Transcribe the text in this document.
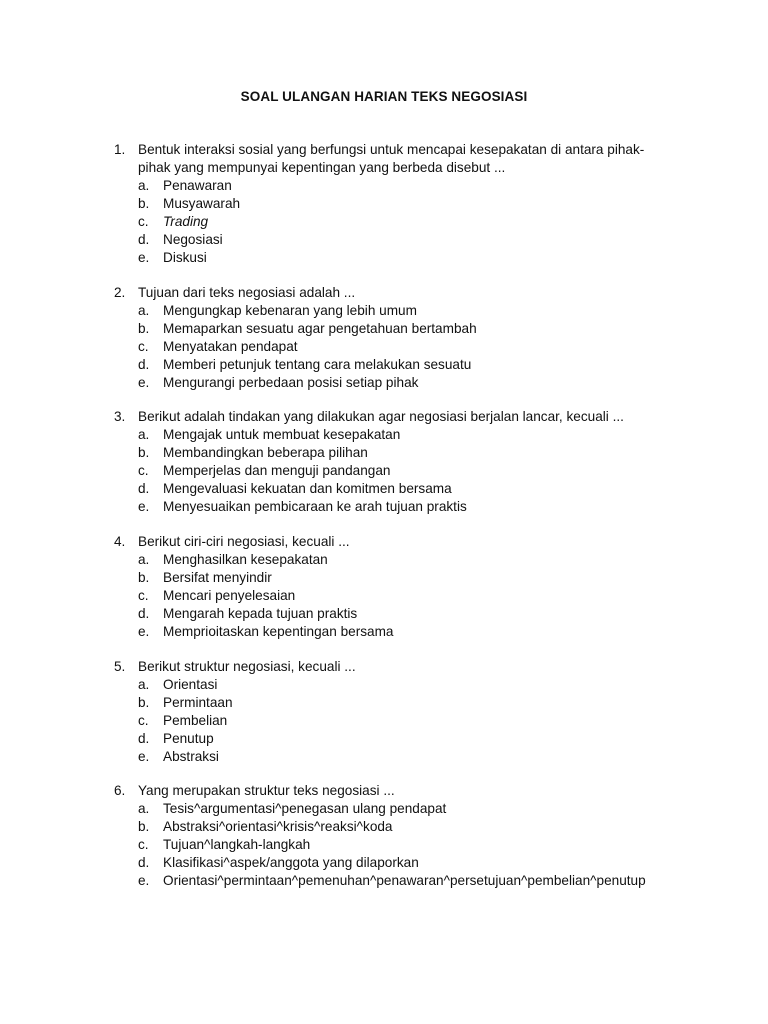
SOAL ULANGAN HARIAN TEKS NEGOSIASI
1. Bentuk interaksi sosial yang berfungsi untuk mencapai kesepakatan di antara pihak-pihak yang mempunyai kepentingan yang berbeda disebut ...
a.	Penawaran
b.	Musyawarah
c.	Trading
d.	Negosiasi
e.	Diskusi
2. Tujuan dari teks negosiasi adalah ...
a.	Mengungkap kebenaran yang lebih umum
b.	Memaparkan sesuatu agar pengetahuan bertambah
c.	Menyatakan pendapat
d.	Memberi petunjuk tentang cara melakukan sesuatu
e.	Mengurangi perbedaan posisi setiap pihak
3. Berikut adalah tindakan yang dilakukan agar negosiasi berjalan lancar, kecuali ...
a.	Mengajak untuk membuat kesepakatan
b.	Membandingkan beberapa pilihan
c.	Memperjelas dan menguji pandangan
d.	Mengevaluasi kekuatan dan komitmen bersama
e.	Menyesuaikan pembicaraan ke arah tujuan praktis
4. Berikut ciri-ciri negosiasi, kecuali ...
a.	Menghasilkan kesepakatan
b.	Bersifat menyindir
c.	Mencari penyelesaian
d.	Mengarah kepada tujuan praktis
e.	Memprioitaskan kepentingan bersama
5. Berikut struktur negosiasi, kecuali ...
a.	Orientasi
b.	Permintaan
c.	Pembelian
d.	Penutup
e.	Abstraksi
6. Yang merupakan struktur teks negosiasi ...
a.	Tesis^argumentasi^penegasan ulang pendapat
b.	Abstraksi^orientasi^krisis^reaksi^koda
c.	Tujuan^langkah-langkah
d.	Klasifikasi^aspek/anggota yang dilaporkan
e.	Orientasi^permintaan^pemenuhan^penawaran^persetujuan^pembelian^penutup
